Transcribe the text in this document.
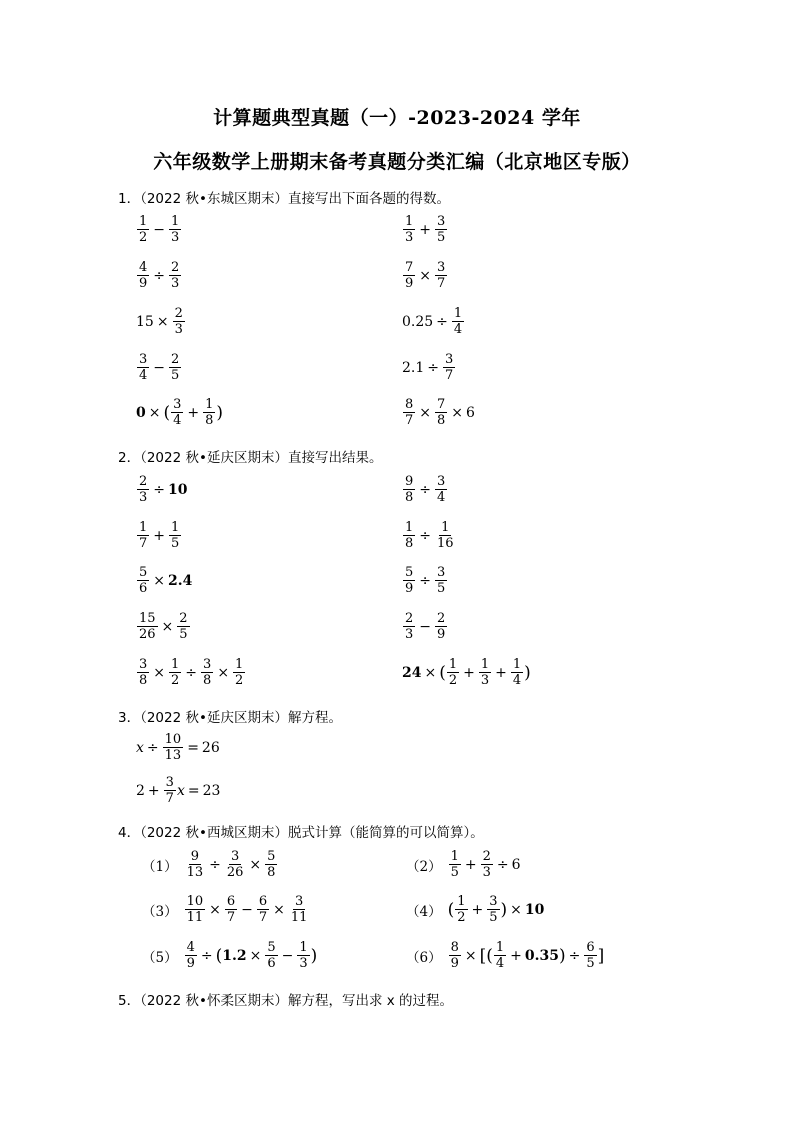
计算题典型真题（一）-2023-2024 学年
六年级数学上册期末备考真题分类汇编（北京地区专版）
1．（2022 秋•东城区期末）直接写出下面各题的得数。
$\frac{1}{2} - \frac{1}{3}$	$\frac{1}{3} + \frac{3}{5}$
$\frac{4}{9} \div \frac{2}{3}$	$\frac{7}{9} \times \frac{3}{7}$
$15 \times \frac{2}{3}$	$0.25 \div \frac{1}{4}$
$\frac{3}{4} - \frac{2}{5}$	$2.1 \div \frac{3}{7}$
0 × ( $\frac{3}{4} + \frac{1}{8}$ )	$\frac{8}{7} \times \frac{7}{8} \times 6$
2．（2022 秋•延庆区期末）直接写出结果。
$\frac{2}{3} \div 10$	$\frac{9}{8} \div \frac{3}{4}$
$\frac{1}{7} + \frac{1}{5}$	$\frac{1}{8} \div \frac{1}{16}$
$\frac{5}{6} \times 2.4$	$\frac{5}{9} \div \frac{3}{5}$
$\frac{15}{26} \times \frac{2}{5}$	$\frac{2}{3} - \frac{2}{9}$
$\frac{3}{8} \times \frac{1}{2} \div \frac{3}{8} \times \frac{1}{2}$	24 × ( $\frac{1}{2} + \frac{1}{3} + \frac{1}{4}$ )
3．（2022 秋•延庆区期末）解方程。
$x \div \frac{10}{13} = 26$
$2 + \frac{3}{7}$ x = 23
4．（2022 秋•西城区期末）脱式计算（能简算的可以简算）。
$(1) \frac{9}{13} \div \frac{3}{26} \times \frac{5}{8}$	$(2) \frac{1}{5} + \frac{2}{3} \div 6$
$(3) \frac{10}{11} \times \frac{6}{7} - \frac{6}{7} \times \frac{3}{11}$	（4） ( $\frac{1}{2} + \frac{3}{5}$ ) × 10
$(5) \frac{4}{9}$ ÷ ( $1.2 \times \frac{5}{6} - \frac{1}{3}$ )	$(6) \frac{8}{9}$ × [ ( $\frac{1}{4} + 0.35$ ) ÷ $\frac{6}{5}$ ]
5．（2022 秋•怀柔区期末）解方程，写出求 x 的过程。
